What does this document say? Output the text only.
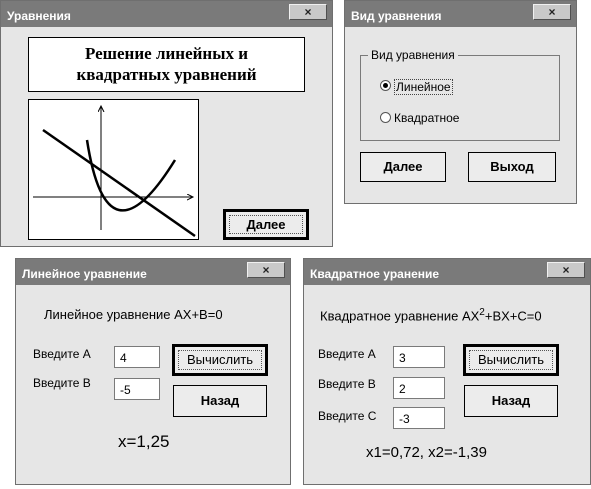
Уравнения	×
Решение линейных и
квадратных уравнений
Далее
Вид уравнения	×
Вид уравнения
Линейное
Квадратное
Далее	Выход
Линейное уравнение	×
Линейное уравнение AX+B=0
Введите A	4
Введите B	-5
Вычислить
Назад
x=1,25
Квадратное уранение	×
Квадратное уравнение $AX^2+BX+C=0$
Введите A	3
Введите B	2
Введите C	-3
Вычислить
Назад
x1=0,72, x2=-1,39
